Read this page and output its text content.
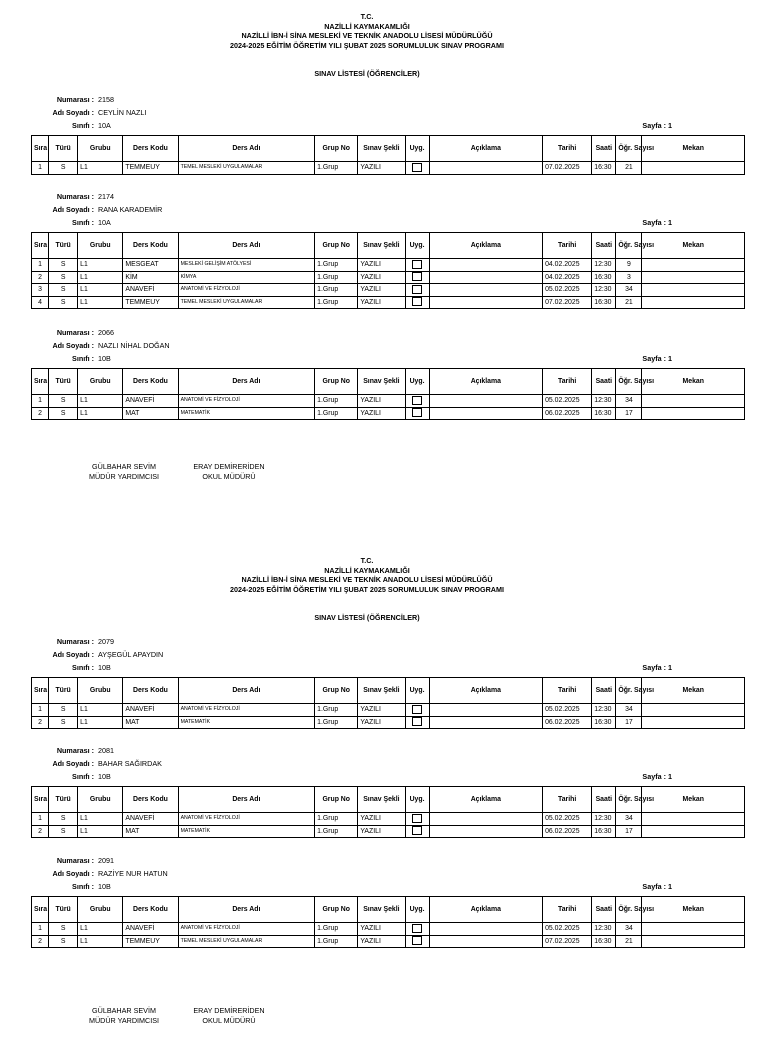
T.C.
NAZİLLİ KAYMAKAMLIĞI
NAZİLLİ İBN-İ SİNA MESLEKİ VE TEKNİK ANADOLU LİSESİ MÜDÜRLÜĞÜ
2024-2025 EĞİTİM ÖĞRETİM YILI ŞUBAT 2025 SORUMLULUK SINAV PROGRAMI
SINAV LİSTESİ (ÖĞRENCİLER)
Numarası : 2158
Adı Soyadı : CEYLİN NAZLI
Sınıfı : 10A	Sayfa : 1
Sıra	Türü	Grubu	Ders Kodu	Ders Adı	Grup No	Sınav Şekli	Uyg.	Açıklama	Tarihi	Saati	Öğr. Sayısı	Mekan
1	S	L1	TEMMEUY	TEMEL MESLEKİ UYGULAMALAR	1.Grup	YAZILI			07.02.2025	16:30	21	
Numarası : 2174
Adı Soyadı : RANA KARADEMİR
Sınıfı : 10A	Sayfa : 1
Sıra	Türü	Grubu	Ders Kodu	Ders Adı	Grup No	Sınav Şekli	Uyg.	Açıklama	Tarihi	Saati	Öğr. Sayısı	Mekan
1	S	L1	MESGEAT	MESLEKİ GELİŞİM ATÖLYESİ	1.Grup	YAZILI			04.02.2025	12:30	9	
2	S	L1	KİM	KİMYA	1.Grup	YAZILI			04.02.2025	16:30	3	
3	S	L1	ANAVEFİ	ANATOMİ VE FİZYOLOJİ	1.Grup	YAZILI			05.02.2025	12:30	34	
4	S	L1	TEMMEUY	TEMEL MESLEKİ UYGULAMALAR	1.Grup	YAZILI			07.02.2025	16:30	21	
Numarası : 2066
Adı Soyadı : NAZLI NİHAL DOĞAN
Sınıfı : 10B	Sayfa : 1
Sıra	Türü	Grubu	Ders Kodu	Ders Adı	Grup No	Sınav Şekli	Uyg.	Açıklama	Tarihi	Saati	Öğr. Sayısı	Mekan
1	S	L1	ANAVEFİ	ANATOMİ VE FİZYOLOJİ	1.Grup	YAZILI			05.02.2025	12:30	34	
2	S	L1	MAT	MATEMATİK	1.Grup	YAZILI			06.02.2025	16:30	17	
GÜLBAHAR SEVİM
MÜDÜR YARDIMCISI
ERAY DEMİRERİDEN
OKUL MÜDÜRÜ
T.C.
NAZİLLİ KAYMAKAMLIĞI
NAZİLLİ İBN-İ SİNA MESLEKİ VE TEKNİK ANADOLU LİSESİ MÜDÜRLÜĞÜ
2024-2025 EĞİTİM ÖĞRETİM YILI ŞUBAT 2025 SORUMLULUK SINAV PROGRAMI
SINAV LİSTESİ (ÖĞRENCİLER)
Numarası : 2079
Adı Soyadı : AYŞEGÜL APAYDIN
Sınıfı : 10B	Sayfa : 1
Sıra	Türü	Grubu	Ders Kodu	Ders Adı	Grup No	Sınav Şekli	Uyg.	Açıklama	Tarihi	Saati	Öğr. Sayısı	Mekan
1	S	L1	ANAVEFİ	ANATOMİ VE FİZYOLOJİ	1.Grup	YAZILI			05.02.2025	12:30	34	
2	S	L1	MAT	MATEMATİK	1.Grup	YAZILI			06.02.2025	16:30	17	
Numarası : 2081
Adı Soyadı : BAHAR SAĞIRDAK
Sınıfı : 10B	Sayfa : 1
Sıra	Türü	Grubu	Ders Kodu	Ders Adı	Grup No	Sınav Şekli	Uyg.	Açıklama	Tarihi	Saati	Öğr. Sayısı	Mekan
1	S	L1	ANAVEFİ	ANATOMİ VE FİZYOLOJİ	1.Grup	YAZILI			05.02.2025	12:30	34	
2	S	L1	MAT	MATEMATİK	1.Grup	YAZILI			06.02.2025	16:30	17	
Numarası : 2091
Adı Soyadı : RAZİYE NUR HATUN
Sınıfı : 10B	Sayfa : 1
Sıra	Türü	Grubu	Ders Kodu	Ders Adı	Grup No	Sınav Şekli	Uyg.	Açıklama	Tarihi	Saati	Öğr. Sayısı	Mekan
1	S	L1	ANAVEFİ	ANATOMİ VE FİZYOLOJİ	1.Grup	YAZILI			05.02.2025	12:30	34	
2	S	L1	TEMMEUY	TEMEL MESLEKİ UYGULAMALAR	1.Grup	YAZILI			07.02.2025	16:30	21	
GÜLBAHAR SEVİM
MÜDÜR YARDIMCISI
ERAY DEMİRERİDEN
OKUL MÜDÜRÜ
